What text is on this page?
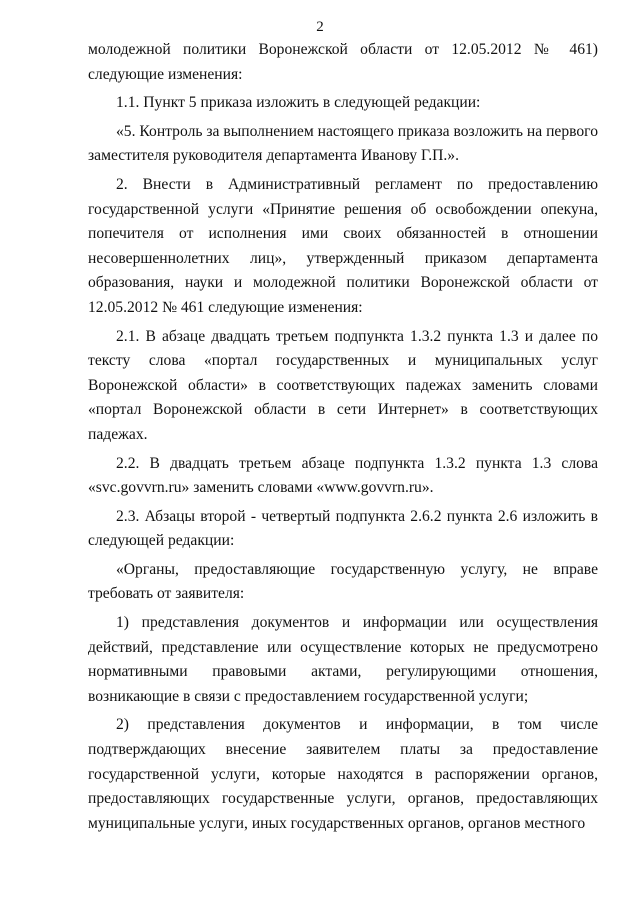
2

молодежной политики Воронежской области от 12.05.2012 № 461) следующие изменения:

1.1. Пункт 5 приказа изложить в следующей редакции:

«5. Контроль за выполнением настоящего приказа возложить на первого заместителя руководителя департамента Иванову Г.П.».

2. Внести в Административный регламент по предоставлению государственной услуги «Принятие решения об освобождении опекуна, попечителя от исполнения ими своих обязанностей в отношении несовершеннолетних лиц», утвержденный приказом департамента образования, науки и молодежной политики Воронежской области от 12.05.2012 № 461 следующие изменения:

2.1. В абзаце двадцать третьем подпункта 1.3.2 пункта 1.3 и далее по тексту слова «портал государственных и муниципальных услуг Воронежской области» в соответствующих падежах заменить словами «портал Воронежской области в сети Интернет» в соответствующих падежах.

2.2. В двадцать третьем абзаце подпункта 1.3.2 пункта 1.3 слова «svc.govvrn.ru» заменить словами «www.govvrn.ru».

2.3. Абзацы второй - четвертый подпункта 2.6.2 пункта 2.6 изложить в следующей редакции:

«Органы, предоставляющие государственную услугу, не вправе требовать от заявителя:

1) представления документов и информации или осуществления действий, представление или осуществление которых не предусмотрено нормативными правовыми актами, регулирующими отношения, возникающие в связи с предоставлением государственной услуги;

2) представления документов и информации, в том числе подтверждающих внесение заявителем платы за предоставление государственной услуги, которые находятся в распоряжении органов, предоставляющих государственные услуги, органов, предоставляющих муниципальные услуги, иных государственных органов, органов местного
